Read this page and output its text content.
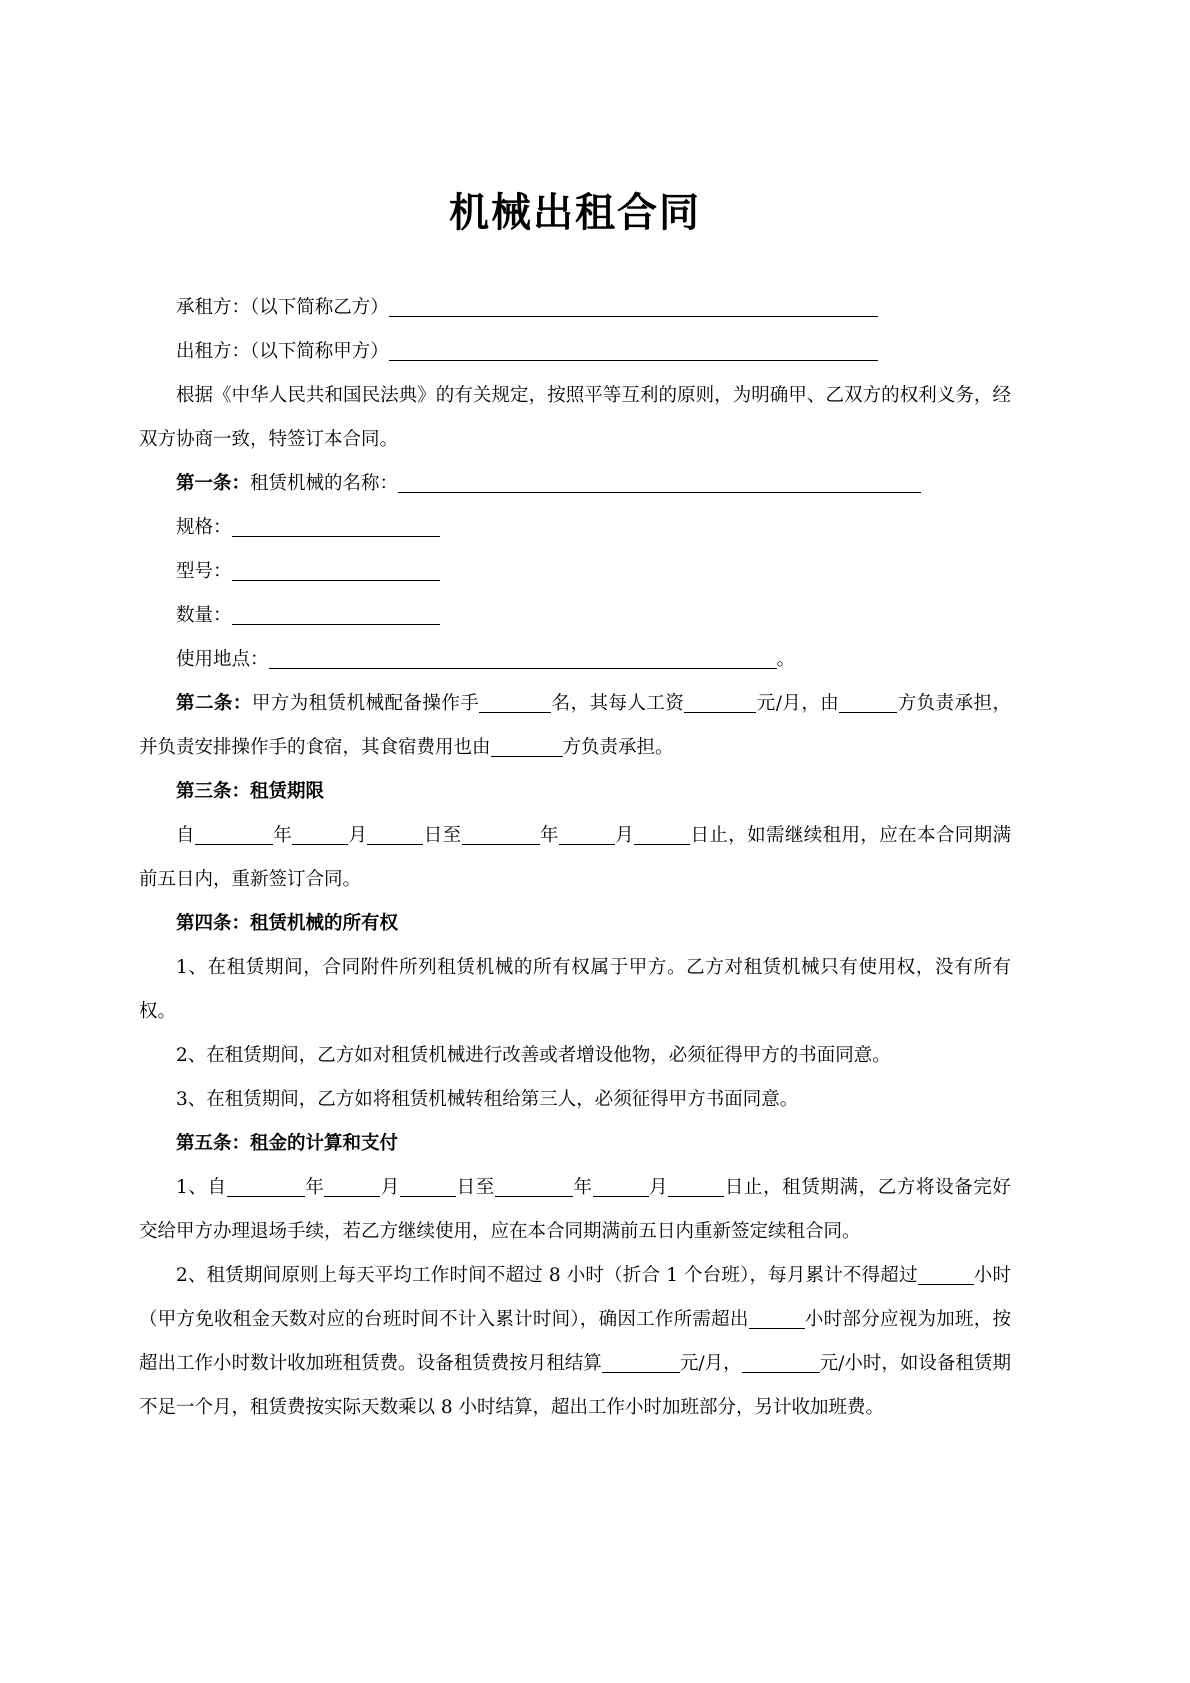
机械出租合同

承租方：（以下简称乙方）

出租方：（以下简称甲方）

根据《中华人民共和国民法典》的有关规定，按照平等互利的原则，为明确甲、乙双方的权利义务，经双方协商一致，特签订本合同。

第一条：租赁机械的名称：

规格：

型号：

数量：

使用地点：	。

第二条：甲方为租赁机械配备操作手	名，其每人工资	元/月，由	方负责承担，并负责安排操作手的食宿，其食宿费用也由	方负责承担。

第三条：租赁期限

自	年	月	日至	年	月	日止，如需继续租用，应在本合同期满前五日内，重新签订合同。

第四条：租赁机械的所有权

1、在租赁期间，合同附件所列租赁机械的所有权属于甲方。乙方对租赁机械只有使用权，没有所有权。

2、在租赁期间，乙方如对租赁机械进行改善或者增设他物，必须征得甲方的书面同意。

3、在租赁期间，乙方如将租赁机械转租给第三人，必须征得甲方书面同意。

第五条：租金的计算和支付

1、自	年	月	日至	年	月	日止，租赁期满，乙方将设备完好交给甲方办理退场手续，若乙方继续使用，应在本合同期满前五日内重新签定续租合同。

2、租赁期间原则上每天平均工作时间不超过 8 小时（折合 1 个台班），每月累计不得超过	小时（甲方免收租金天数对应的台班时间不计入累计时间），确因工作所需超出	小时部分应视为加班，按超出工作小时数计收加班租赁费。设备租赁费按月租结算	元/月，	元/小时，如设备租赁期不足一个月，租赁费按实际天数乘以 8 小时结算，超出工作小时加班部分，另计收加班费。
